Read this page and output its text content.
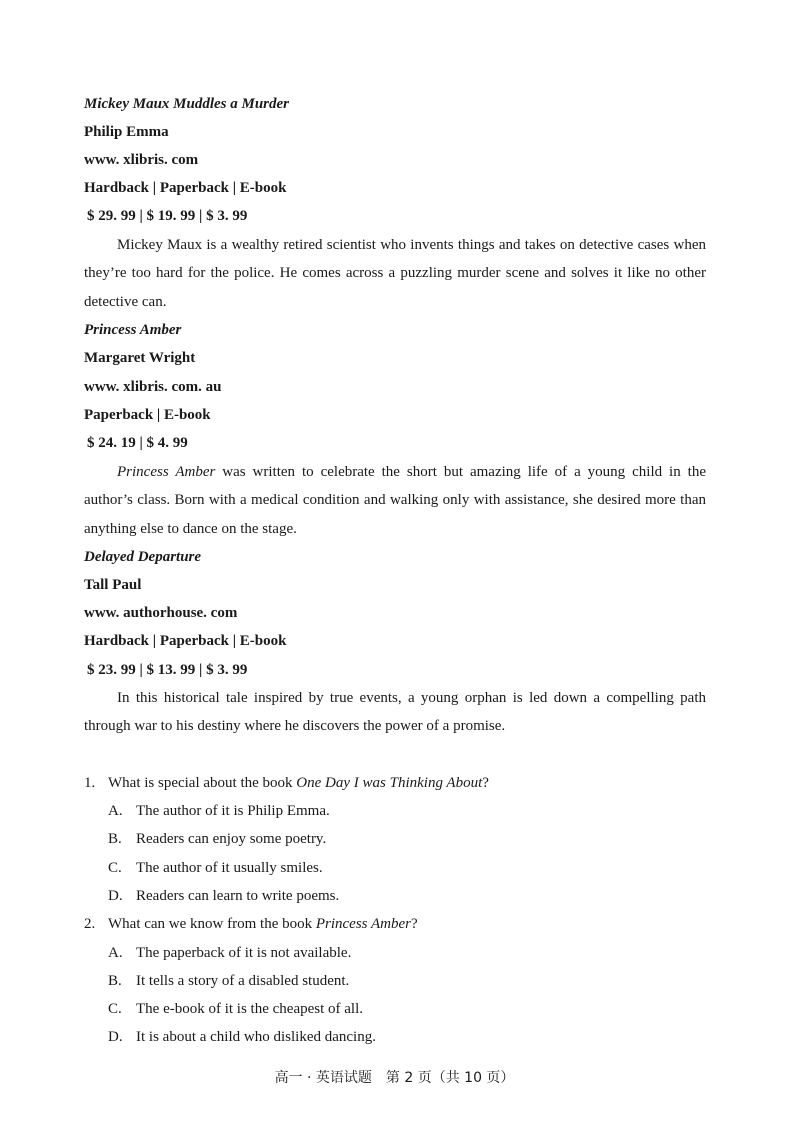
Mickey Maux Muddles a Murder
Philip Emma
www. xlibris. com
Hardback | Paperback | E-book
$ 29. 99 | $ 19. 99 | $ 3. 99

Mickey Maux is a wealthy retired scientist who invents things and takes on detective cases when they’re too hard for the police. He comes across a puzzling murder scene and solves it like no other detective can.

Princess Amber
Margaret Wright
www. xlibris. com. au
Paperback | E-book
$ 24. 19 | $ 4. 99

Princess Amber was written to celebrate the short but amazing life of a young child in the author’s class. Born with a medical condition and walking only with assistance, she desired more than anything else to dance on the stage.

Delayed Departure
Tall Paul
www. authorhouse. com
Hardback | Paperback | E-book
$ 23. 99 | $ 13. 99 | $ 3. 99

In this historical tale inspired by true events, a young orphan is led down a compelling path through war to his destiny where he discovers the power of a promise.

1. What is special about the book One Day I was Thinking About?
A. The author of it is Philip Emma.
B. Readers can enjoy some poetry.
C. The author of it usually smiles.
D. Readers can learn to write poems.
2. What can we know from the book Princess Amber?
A. The paperback of it is not available.
B. It tells a story of a disabled student.
C. The e-book of it is the cheapest of all.
D. It is about a child who disliked dancing.
高一 · 英语试题　第 2 页（共 10 页）
